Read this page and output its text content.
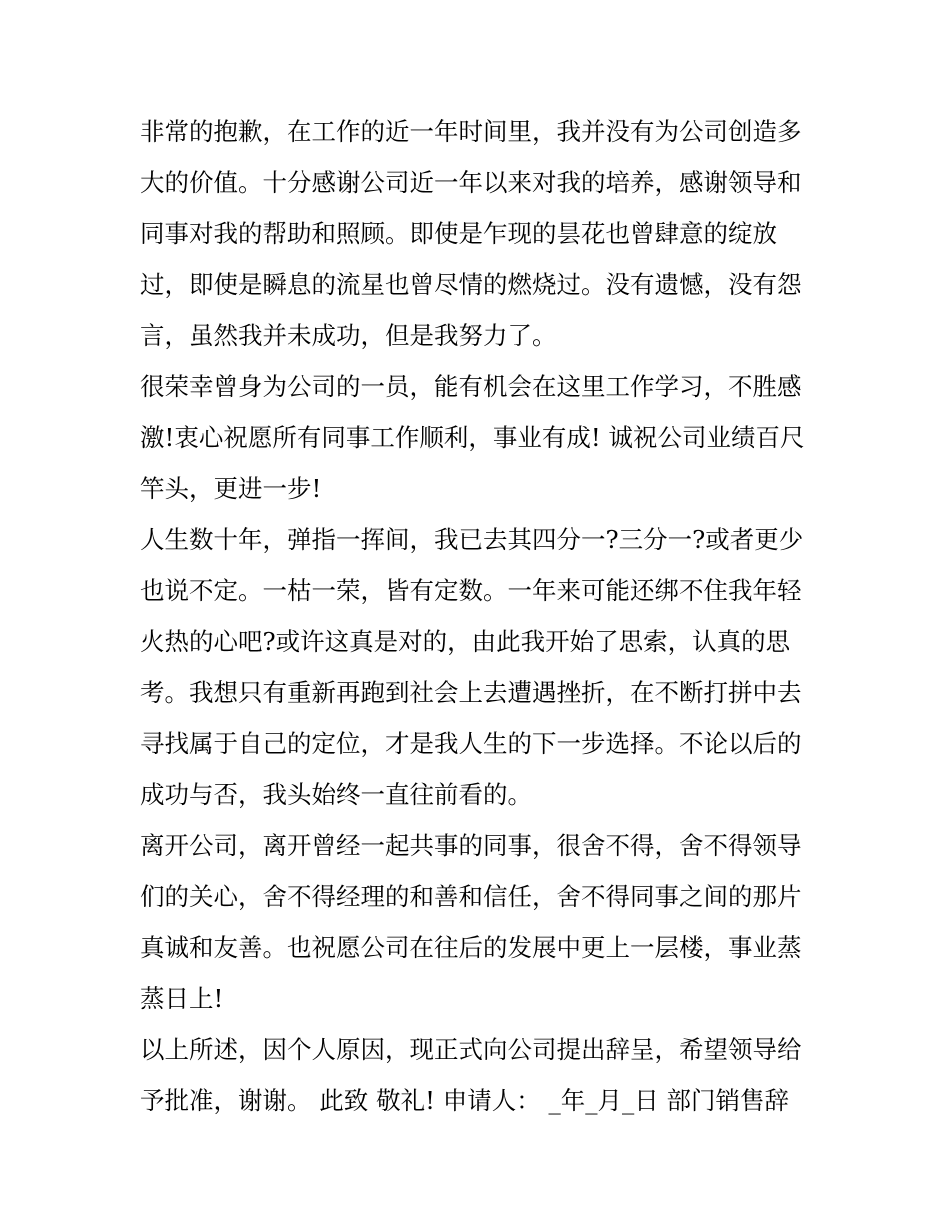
非常的抱歉，在工作的近一年时间里，我并没有为公司创造多
大的价值。十分感谢公司近一年以来对我的培养，感谢领导和
同事对我的帮助和照顾。即使是乍现的昙花也曾肆意的绽放
过，即使是瞬息的流星也曾尽情的燃烧过。没有遗憾，没有怨
言，虽然我并未成功，但是我努力了。

很荣幸曾身为公司的一员，能有机会在这里工作学习，不胜感
激!衷心祝愿所有同事工作顺利，事业有成! 诚祝公司业绩百尺
竿头，更进一步!

人生数十年，弹指一挥间，我已去其四分一?三分一?或者更少
也说不定。一枯一荣，皆有定数。一年来可能还绑不住我年轻
火热的心吧?或许这真是对的，由此我开始了思索，认真的思
考。我想只有重新再跑到社会上去遭遇挫折，在不断打拼中去
寻找属于自己的定位，才是我人生的下一步选择。不论以后的
成功与否，我头始终一直往前看的。

离开公司，离开曾经一起共事的同事，很舍不得，舍不得领导
们的关心，舍不得经理的和善和信任，舍不得同事之间的那片
真诚和友善。也祝愿公司在往后的发展中更上一层楼，事业蒸
蒸日上!

以上所述，因个人原因，现正式向公司提出辞呈，希望领导给
予批准，谢谢。 此致 敬礼! 申请人： _年_月_日 部门销售辞
